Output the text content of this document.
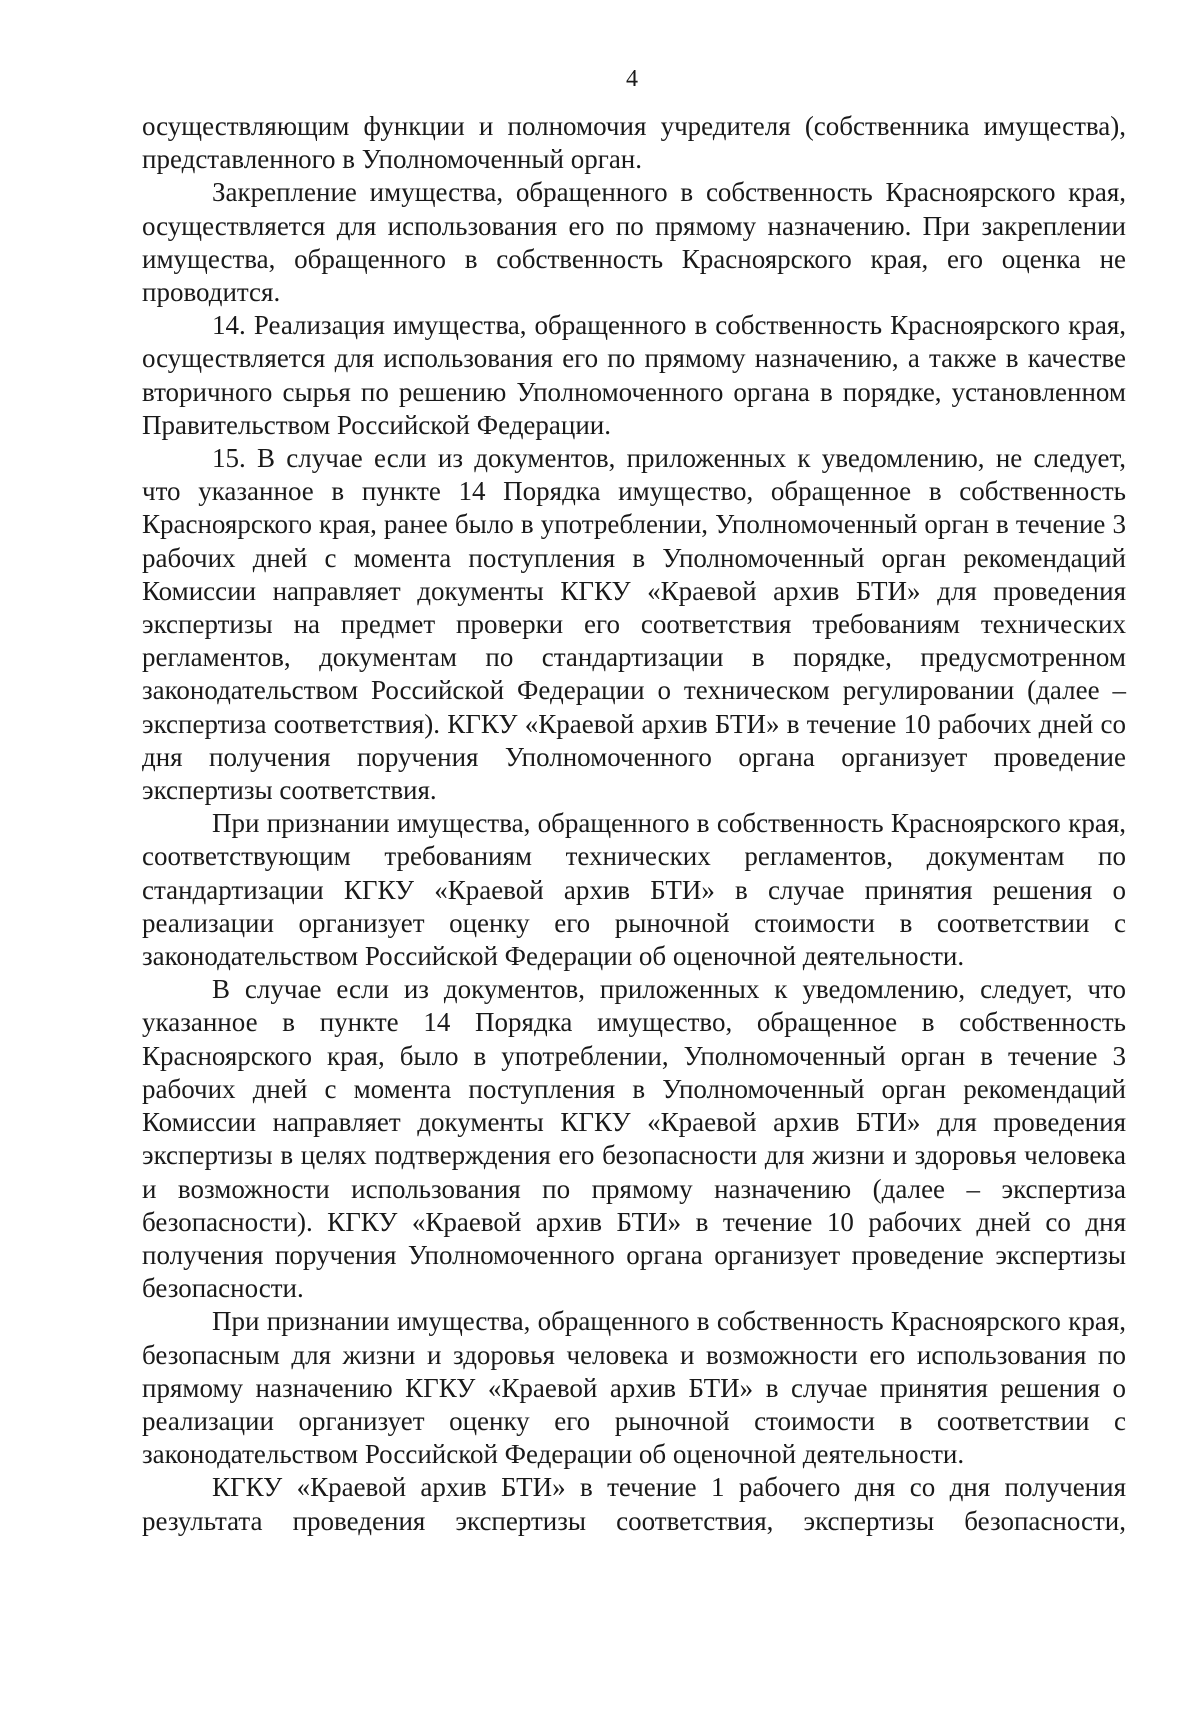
4

осуществляющим функции и полномочия учредителя (собственника имущества), представленного в Уполномоченный орган.

Закрепление имущества, обращенного в собственность Красноярского края, осуществляется для использования его по прямому назначению. При закреплении имущества, обращенного в собственность Красноярского края, его оценка не проводится.

14. Реализация имущества, обращенного в собственность Красноярского края, осуществляется для использования его по прямому назначению, а также в качестве вторичного сырья по решению Уполномоченного органа в порядке, установленном Правительством Российской Федерации.

15. В случае если из документов, приложенных к уведомлению, не следует, что указанное в пункте 14 Порядка имущество, обращенное в собственность Красноярского края, ранее было в употреблении, Уполномоченный орган в течение 3 рабочих дней с момента поступления в Уполномоченный орган рекомендаций Комиссии направляет документы КГКУ «Краевой архив БТИ» для проведения экспертизы на предмет проверки его соответствия требованиям технических регламентов, документам по стандартизации в порядке, предусмотренном законодательством Российской Федерации о техническом регулировании (далее – экспертиза соответствия). КГКУ «Краевой архив БТИ» в течение 10 рабочих дней со дня получения поручения Уполномоченного органа организует проведение экспертизы соответствия.

При признании имущества, обращенного в собственность Красноярского края, соответствующим требованиям технических регламентов, документам по стандартизации КГКУ «Краевой архив БТИ» в случае принятия решения о реализации организует оценку его рыночной стоимости в соответствии с законодательством Российской Федерации об оценочной деятельности.

В случае если из документов, приложенных к уведомлению, следует, что указанное в пункте 14 Порядка имущество, обращенное в собственность Красноярского края, было в употреблении, Уполномоченный орган в течение 3 рабочих дней с момента поступления в Уполномоченный орган рекомендаций Комиссии направляет документы КГКУ «Краевой архив БТИ» для проведения экспертизы в целях подтверждения его безопасности для жизни и здоровья человека и возможности использования по прямому назначению (далее – экспертиза безопасности). КГКУ «Краевой архив БТИ» в течение 10 рабочих дней со дня получения поручения Уполномоченного органа организует проведение экспертизы безопасности.

При признании имущества, обращенного в собственность Красноярского края, безопасным для жизни и здоровья человека и возможности его использования по прямому назначению КГКУ «Краевой архив БТИ» в случае принятия решения о реализации организует оценку его рыночной стоимости в соответствии с законодательством Российской Федерации об оценочной деятельности.

КГКУ «Краевой архив БТИ» в течение 1 рабочего дня со дня получения результата проведения экспертизы соответствия, экспертизы безопасности,
